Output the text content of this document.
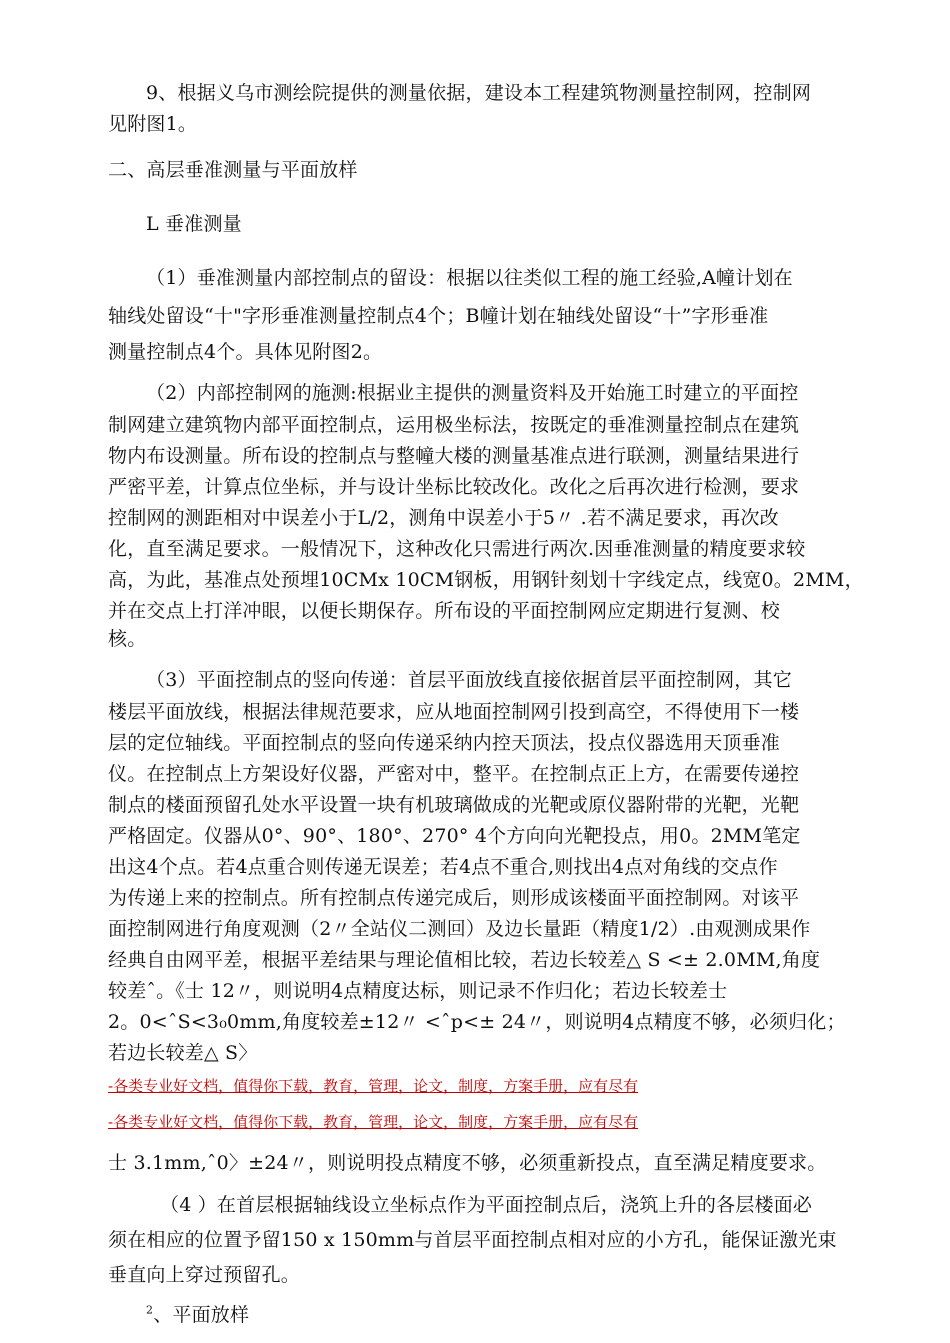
9、根据义乌市测绘院提供的测量依据，建设本工程建筑物测量控制网，控制网
见附图1。
二、高层垂准测量与平面放样
L 垂准测量
（1）垂准测量内部控制点的留设：根据以往类似工程的施工经验,A幢计划在
轴线处留设“十"字形垂准测量控制点4个；B幢计划在轴线处留设“十”字形垂准
测量控制点4个。具体见附图2。
（2）内部控制网的施测:根据业主提供的测量资料及开始施工时建立的平面控
制网建立建筑物内部平面控制点，运用极坐标法，按既定的垂准测量控制点在建筑
物内布设测量。所布设的控制点与整幢大楼的测量基准点进行联测，测量结果进行
严密平差，计算点位坐标，并与设计坐标比较改化。改化之后再次进行检测，要求
控制网的测距相对中误差小于L/2，测角中误差小于5〃 .若不满足要求，再次改
化，直至满足要求。一般情况下，这种改化只需进行两次.因垂准测量的精度要求较
高，为此，基准点处预埋10CMx 10CM钢板，用钢针刻划十字线定点，线宽0。2MM，
并在交点上打洋冲眼，以便长期保存。所布设的平面控制网应定期进行复测、校
核。
（3）平面控制点的竖向传递：首层平面放线直接依据首层平面控制网，其它
楼层平面放线，根据法律规范要求，应从地面控制网引投到高空，不得使用下一楼
层的定位轴线。平面控制点的竖向传递采纳内控天顶法，投点仪器选用天顶垂准
仪。在控制点上方架设好仪器，严密对中，整平。在控制点正上方，在需要传递控
制点的楼面预留孔处水平设置一块有机玻璃做成的光靶或原仪器附带的光靶，光靶
严格固定。仪器从0°、90°、180°、270° 4个方向向光靶投点，用0。2MM笔定
出这4个点。若4点重合则传递无误差；若4点不重合,则找出4点对角线的交点作
为传递上来的控制点。所有控制点传递完成后，则形成该楼面平面控制网。对该平
面控制网进行角度观测（2〃全站仪二测回）及边长量距（精度1/2）.由观测成果作
经典自由网平差，根据平差结果与理论值相比较，若边长较差△ S <± 2.0MM,角度
较差ˆ。《士 12〃，则说明4点精度达标，则记录不作归化；若边长较差士
2。0<ˆS<3₀0mm,角度较差±12〃 <ˆp<± 24〃，则说明4点精度不够，必须归化；
若边长较差△ S〉
-各类专业好文档，值得你下载，教育，管理，论文，制度，方案手册，应有尽有
-各类专业好文档，值得你下载，教育，管理，论文，制度，方案手册，应有尽有
士 3.1mm,ˆ0〉±24〃，则说明投点精度不够，必须重新投点，直至满足精度要求。
（4 ）在首层根据轴线设立坐标点作为平面控制点后，浇筑上升的各层楼面必
须在相应的位置予留150 x 150mm与首层平面控制点相对应的小方孔，能保证激光束
垂直向上穿过预留孔。
$^2$、平面放样
